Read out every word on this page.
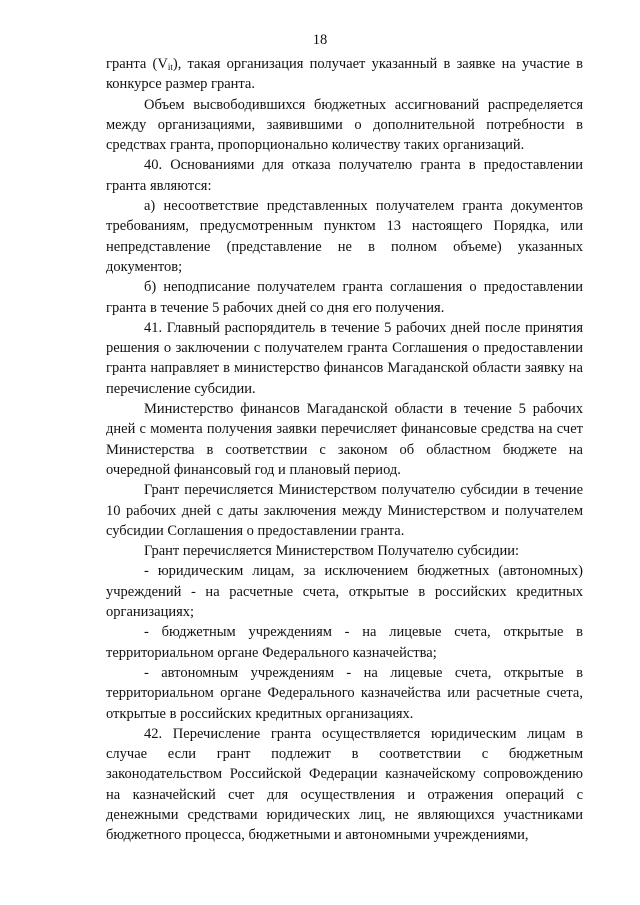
18

гранта $(V_{it})$, такая организация получает указанный в заявке на участие в конкурсе размер гранта.

Объем высвободившихся бюджетных ассигнований распределяется между организациями, заявившими о дополнительной потребности в средствах гранта, пропорционально количеству таких организаций.

40. Основаниями для отказа получателю гранта в предоставлении гранта являются:

а) несоответствие представленных получателем гранта документов требованиям, предусмотренным пунктом 13 настоящего Порядка, или непредставление (представление не в полном объеме) указанных документов;

б) неподписание получателем гранта соглашения о предоставлении гранта в течение 5 рабочих дней со дня его получения.

41. Главный распорядитель в течение 5 рабочих дней после принятия решения о заключении с получателем гранта Соглашения о предоставлении гранта направляет в министерство финансов Магаданской области заявку на перечисление субсидии.

Министерство финансов Магаданской области в течение 5 рабочих дней с момента получения заявки перечисляет финансовые средства на счет Министерства в соответствии с законом об областном бюджете на очередной финансовый год и плановый период.

Грант перечисляется Министерством получателю субсидии в течение 10 рабочих дней с даты заключения между Министерством и получателем субсидии Соглашения о предоставлении гранта.

Грант перечисляется Министерством Получателю субсидии:

- юридическим лицам, за исключением бюджетных (автономных) учреждений - на расчетные счета, открытые в российских кредитных организациях;

- бюджетным учреждениям - на лицевые счета, открытые в территориальном органе Федерального казначейства;

- автономным учреждениям - на лицевые счета, открытые в территориальном органе Федерального казначейства или расчетные счета, открытые в российских кредитных организациях.

42. Перечисление гранта осуществляется юридическим лицам в случае если грант подлежит в соответствии с бюджетным законодательством Российской Федерации казначейскому сопровождению на казначейский счет для осуществления и отражения операций с денежными средствами юридических лиц, не являющихся участниками бюджетного процесса, бюджетными и автономными учреждениями,
